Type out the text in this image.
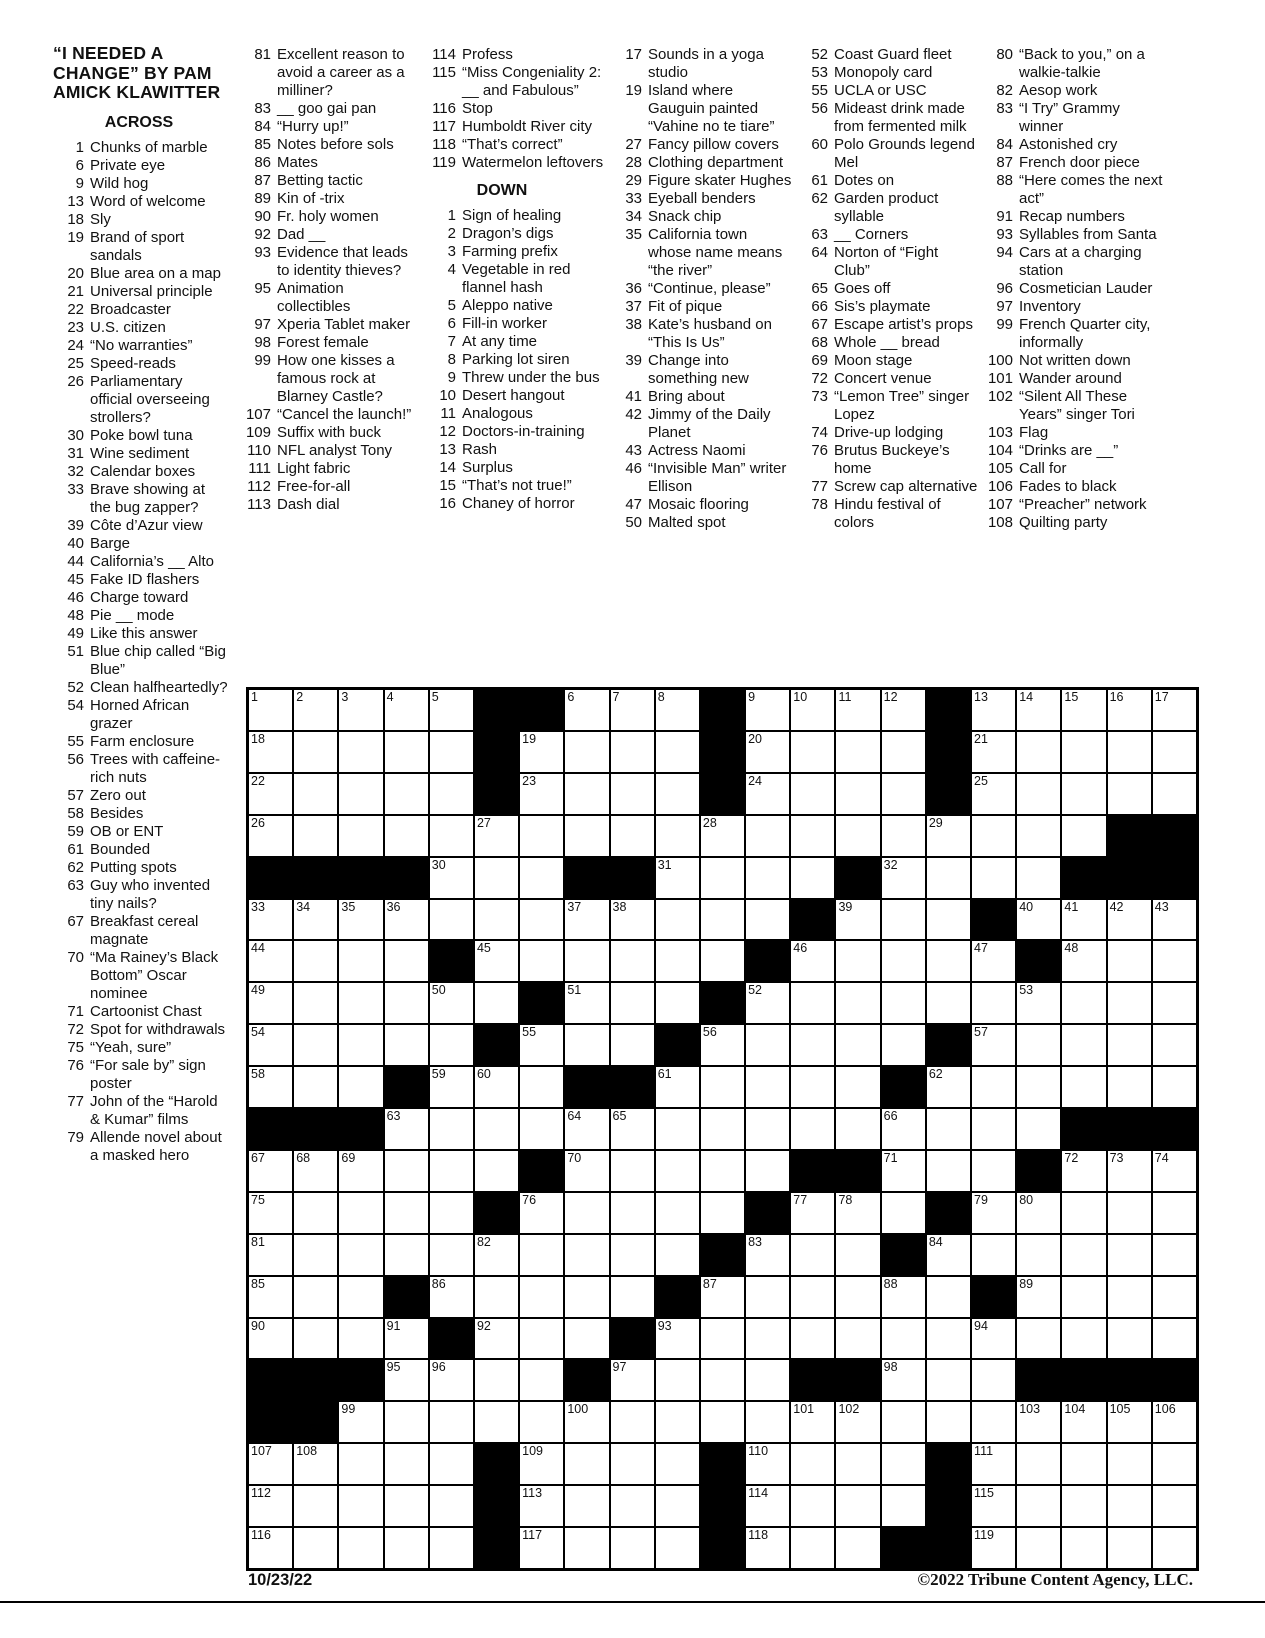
“I NEEDED A
CHANGE” BY PAM
AMICK KLAWITTER
ACROSS
1 Chunks of marble
6 Private eye
9 Wild hog
13 Word of welcome
18 Sly
19 Brand of sport sandals
20 Blue area on a map
21 Universal principle
22 Broadcaster
23 U.S. citizen
24 “No warranties”
25 Speed-reads
26 Parliamentary official overseeing strollers?
30 Poke bowl tuna
31 Wine sediment
32 Calendar boxes
33 Brave showing at the bug zapper?
39 Côte d’Azur view
40 Barge
44 California’s __ Alto
45 Fake ID flashers
46 Charge toward
48 Pie __ mode
49 Like this answer
51 Blue chip called “Big Blue”
52 Clean halfheartedly?
54 Horned African grazer
55 Farm enclosure
56 Trees with caffeine-rich nuts
57 Zero out
58 Besides
59 OB or ENT
61 Bounded
62 Putting spots
63 Guy who invented tiny nails?
67 Breakfast cereal magnate
70 “Ma Rainey’s Black Bottom” Oscar nominee
71 Cartoonist Chast
72 Spot for withdrawals
75 “Yeah, sure”
76 “For sale by” sign poster
77 John of the “Harold & Kumar” films
79 Allende novel about a masked hero
81 Excellent reason to avoid a career as a milliner?
83 __ goo gai pan
84 “Hurry up!”
85 Notes before sols
86 Mates
87 Betting tactic
89 Kin of -trix
90 Fr. holy women
92 Dad __
93 Evidence that leads to identity thieves?
95 Animation collectibles
97 Xperia Tablet maker
98 Forest female
99 How one kisses a famous rock at Blarney Castle?
107 “Cancel the launch!”
109 Suffix with buck
110 NFL analyst Tony
111 Light fabric
112 Free-for-all
113 Dash dial
114 Profess
115 “Miss Congeniality 2: __ and Fabulous”
116 Stop
117 Humboldt River city
118 “That’s correct”
119 Watermelon leftovers
DOWN
1 Sign of healing
2 Dragon’s digs
3 Farming prefix
4 Vegetable in red flannel hash
5 Aleppo native
6 Fill-in worker
7 At any time
8 Parking lot siren
9 Threw under the bus
10 Desert hangout
11 Analogous
12 Doctors-in-training
13 Rash
14 Surplus
15 “That’s not true!”
16 Chaney of horror
17 Sounds in a yoga studio
19 Island where Gauguin painted “Vahine no te tiare”
27 Fancy pillow covers
28 Clothing department
29 Figure skater Hughes
33 Eyeball benders
34 Snack chip
35 California town whose name means “the river”
36 “Continue, please”
37 Fit of pique
38 Kate’s husband on “This Is Us”
39 Change into something new
41 Bring about
42 Jimmy of the Daily Planet
43 Actress Naomi
46 “Invisible Man” writer Ellison
47 Mosaic flooring
50 Malted spot
52 Coast Guard fleet
53 Monopoly card
55 UCLA or USC
56 Mideast drink made from fermented milk
60 Polo Grounds legend Mel
61 Dotes on
62 Garden product syllable
63 __ Corners
64 Norton of “Fight Club”
65 Goes off
66 Sis’s playmate
67 Escape artist’s props
68 Whole __ bread
69 Moon stage
72 Concert venue
73 “Lemon Tree” singer Lopez
74 Drive-up lodging
76 Brutus Buckeye’s home
77 Screw cap alternative
78 Hindu festival of colors
80 “Back to you,” on a walkie-talkie
82 Aesop work
83 “I Try” Grammy winner
84 Astonished cry
87 French door piece
88 “Here comes the next act”
91 Recap numbers
93 Syllables from Santa
94 Cars at a charging station
96 Cosmetician Lauder
97 Inventory
99 French Quarter city, informally
100 Not written down
101 Wander around
102 “Silent All These Years” singer Tori
103 Flag
104 “Drinks are __”
105 Call for
106 Fades to black
107 “Preacher” network
108 Quilting party
1	2	3	4	5	6	7	8	9	10	11	12	13	14	15	16	17
18	19	20	21
22	23	24	25
26	27	28	29
30	31	32
33	34	35	36	37	38	39	40	41	42	43
44	45	46	47	48
49	50	51	52	53
54	55	56	57
58	59	60	61	62
63	64	65	66
67	68	69	70	71	72	73	74
75	76	77	78	79	80
81	82	83	84
85	86	87	88	89
90	91	92	93	94
95	96	97	98
99	100	101 102	103 104 105 106
107 108	109	110	111
112	113	114	115
116	117	118	119
10/23/22	©2022 Tribune Content Agency, LLC.
